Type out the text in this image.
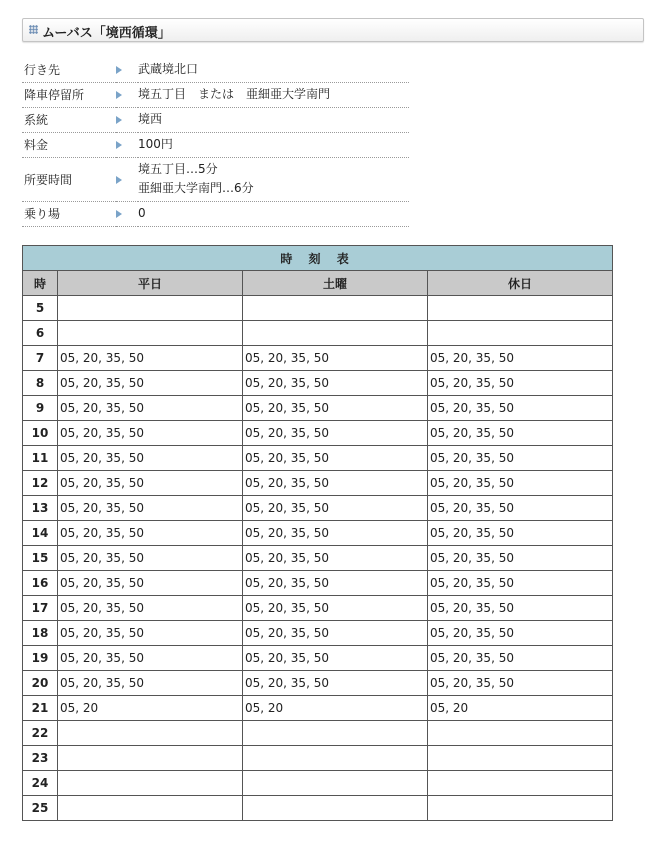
ムーバス「境西循環」
行き先		武蔵境北口

降車停留所		境五丁目　または　亜細亜大学南門

系統		境西

料金		100円

所要時間		境五丁目…5分
亜細亜大学南門…6分

乗り場		0
時 刻 表			
時	平日	土曜	休日
5			
6			
7	05, 20, 35, 50	05, 20, 35, 50	05, 20, 35, 50
8	05, 20, 35, 50	05, 20, 35, 50	05, 20, 35, 50
9	05, 20, 35, 50	05, 20, 35, 50	05, 20, 35, 50
10	05, 20, 35, 50	05, 20, 35, 50	05, 20, 35, 50
11	05, 20, 35, 50	05, 20, 35, 50	05, 20, 35, 50
12	05, 20, 35, 50	05, 20, 35, 50	05, 20, 35, 50
13	05, 20, 35, 50	05, 20, 35, 50	05, 20, 35, 50
14	05, 20, 35, 50	05, 20, 35, 50	05, 20, 35, 50
15	05, 20, 35, 50	05, 20, 35, 50	05, 20, 35, 50
16	05, 20, 35, 50	05, 20, 35, 50	05, 20, 35, 50
17	05, 20, 35, 50	05, 20, 35, 50	05, 20, 35, 50
18	05, 20, 35, 50	05, 20, 35, 50	05, 20, 35, 50
19	05, 20, 35, 50	05, 20, 35, 50	05, 20, 35, 50
20	05, 20, 35, 50	05, 20, 35, 50	05, 20, 35, 50
21	05, 20	05, 20	05, 20
22			
23			
24			
25			
